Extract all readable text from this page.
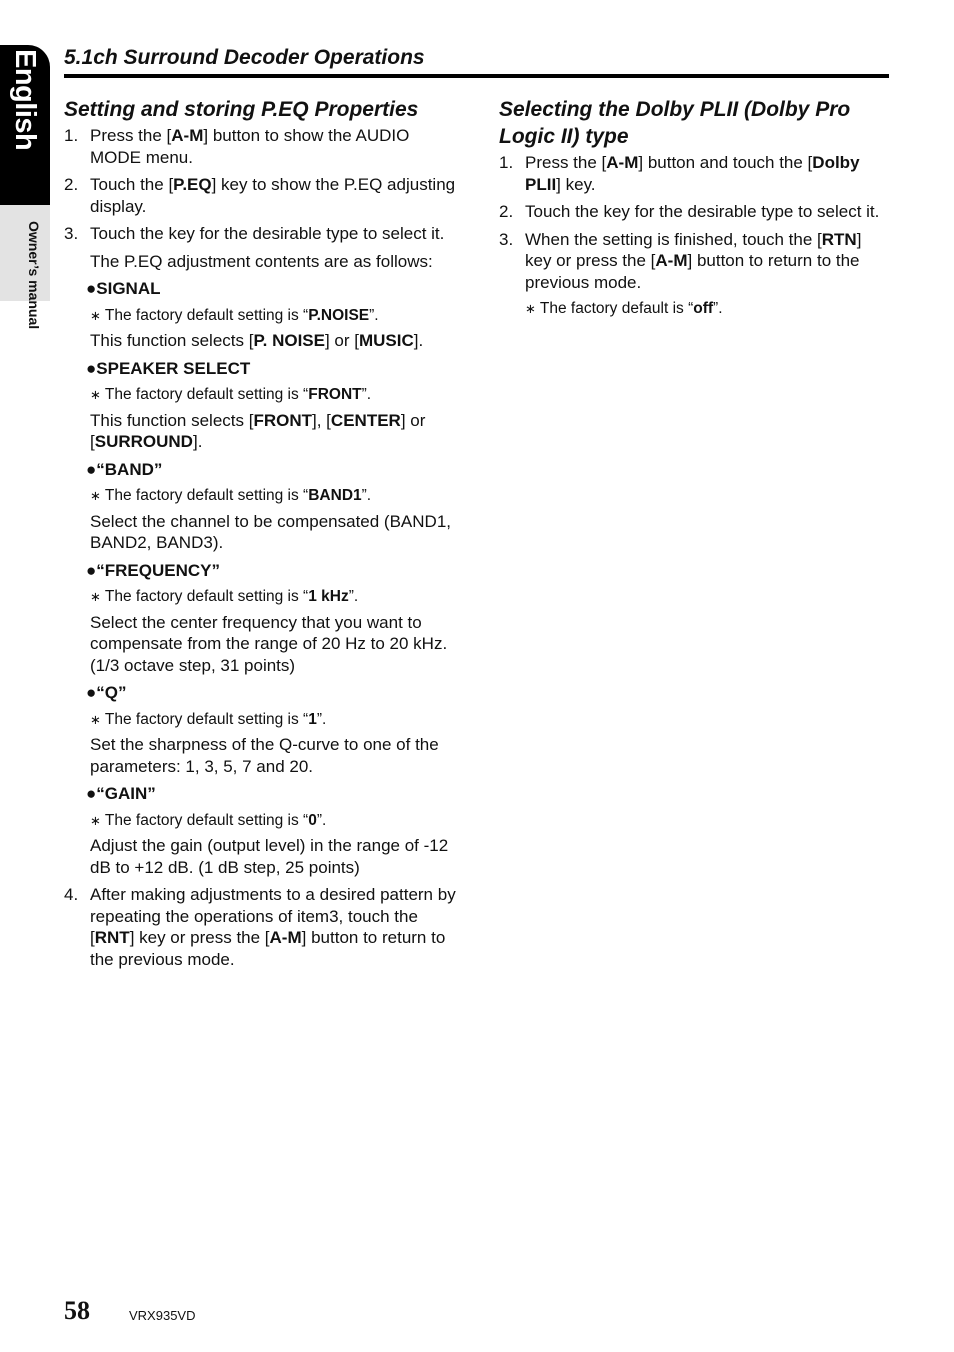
English
Owner’s manual
5.1ch Surround Decoder Operations
Setting and storing P.EQ Properties
1. Press the [A-M] button to show the AUDIO MODE menu.
2. Touch the [P.EQ] key to show the P.EQ adjusting display.
3. Touch the key for the desirable type to select it.

The P.EQ adjustment contents are as follows:

●SIGNAL

∗ The factory default setting is “P.NOISE”.

This function selects [P. NOISE] or [MUSIC].

●SPEAKER SELECT

∗ The factory default setting is “FRONT”.

This function selects [FRONT], [CENTER] or [SURROUND].

●“BAND”

∗ The factory default setting is “BAND1”.

Select the channel to be compensated (BAND1, BAND2, BAND3).

●“FREQUENCY”

∗ The factory default setting is “1 kHz”.

Select the center frequency that you want to compensate from the range of 20 Hz to 20 kHz. (1/3 octave step, 31 points)

●“Q”

∗ The factory default setting is “1”.

Set the sharpness of the Q-curve to one of the parameters: 1, 3, 5, 7 and 20.

●“GAIN”

∗ The factory default setting is “0”.

Adjust the gain (output level) in the range of -12 dB to +12 dB. (1 dB step, 25 points)

4. After making adjustments to a desired pattern by repeating the operations of item3, touch the [RNT] key or press the [A-M] button to return to the previous mode.
Selecting the Dolby PLII (Dolby Pro Logic II) type
1. Press the [A-M] button and touch the [Dolby PLII] key.
2. Touch the key for the desirable type to select it.
3. When the setting is finished, touch the [RTN] key or press the [A-M] button to return to the previous mode.

∗ The factory default is “off”.

58	VRX935VD
